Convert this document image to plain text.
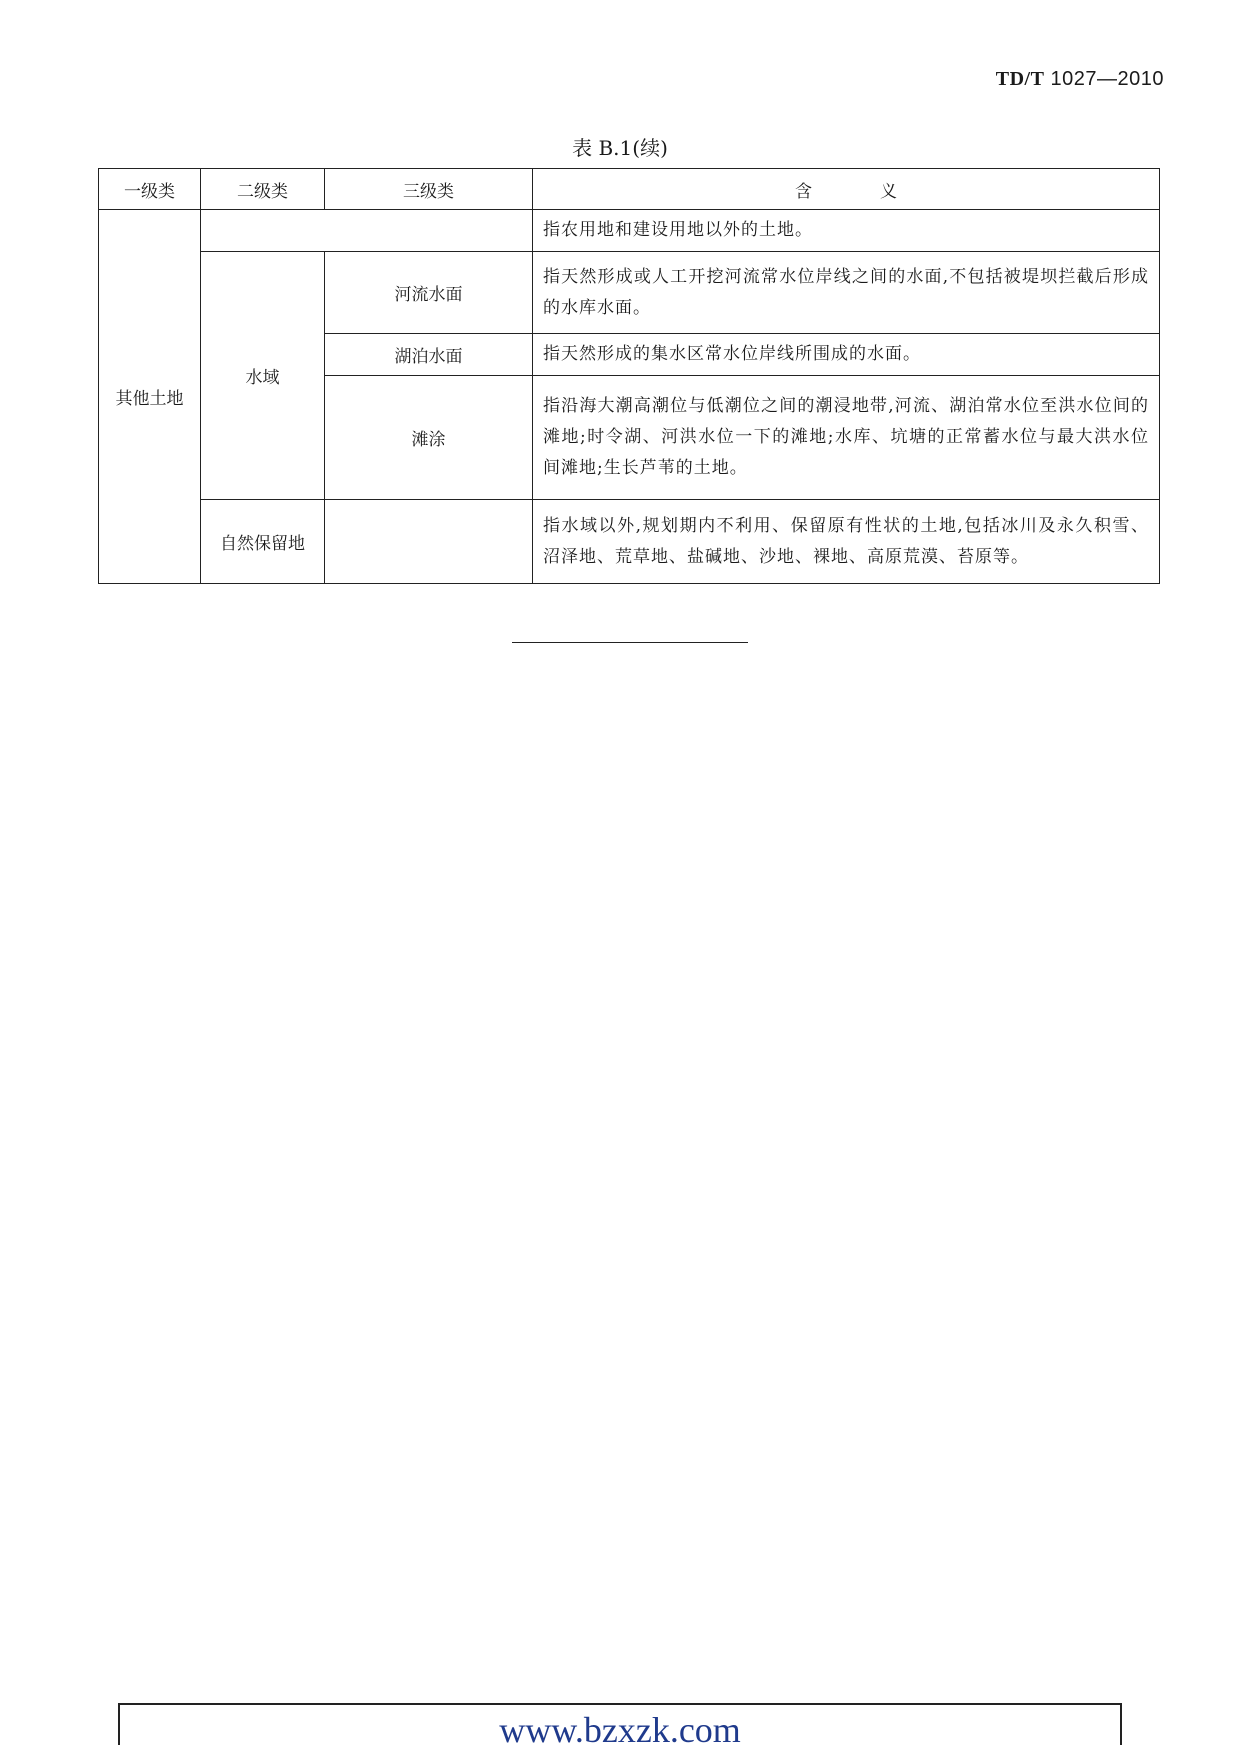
TD/T 1027—2010
表 B.1(续)
一级类	二级类	三级类	含　　　　义
其他土地			指农用地和建设用地以外的土地。
	水域	河流水面	指天然形成或人工开挖河流常水位岸线之间的水面,不包括被堤坝拦截后形成的水库水面。
		湖泊水面	指天然形成的集水区常水位岸线所围成的水面。
		滩涂	指沿海大潮高潮位与低潮位之间的潮浸地带,河流、湖泊常水位至洪水位间的滩地;时令湖、河洪水位一下的滩地;水库、坑塘的正常蓄水位与最大洪水位间滩地;生长芦苇的土地。
	自然保留地		指水域以外,规划期内不利用、保留原有性状的土地,包括冰川及永久积雪、沼泽地、荒草地、盐碱地、沙地、裸地、高原荒漠、苔原等。
www.bzxzk.com
